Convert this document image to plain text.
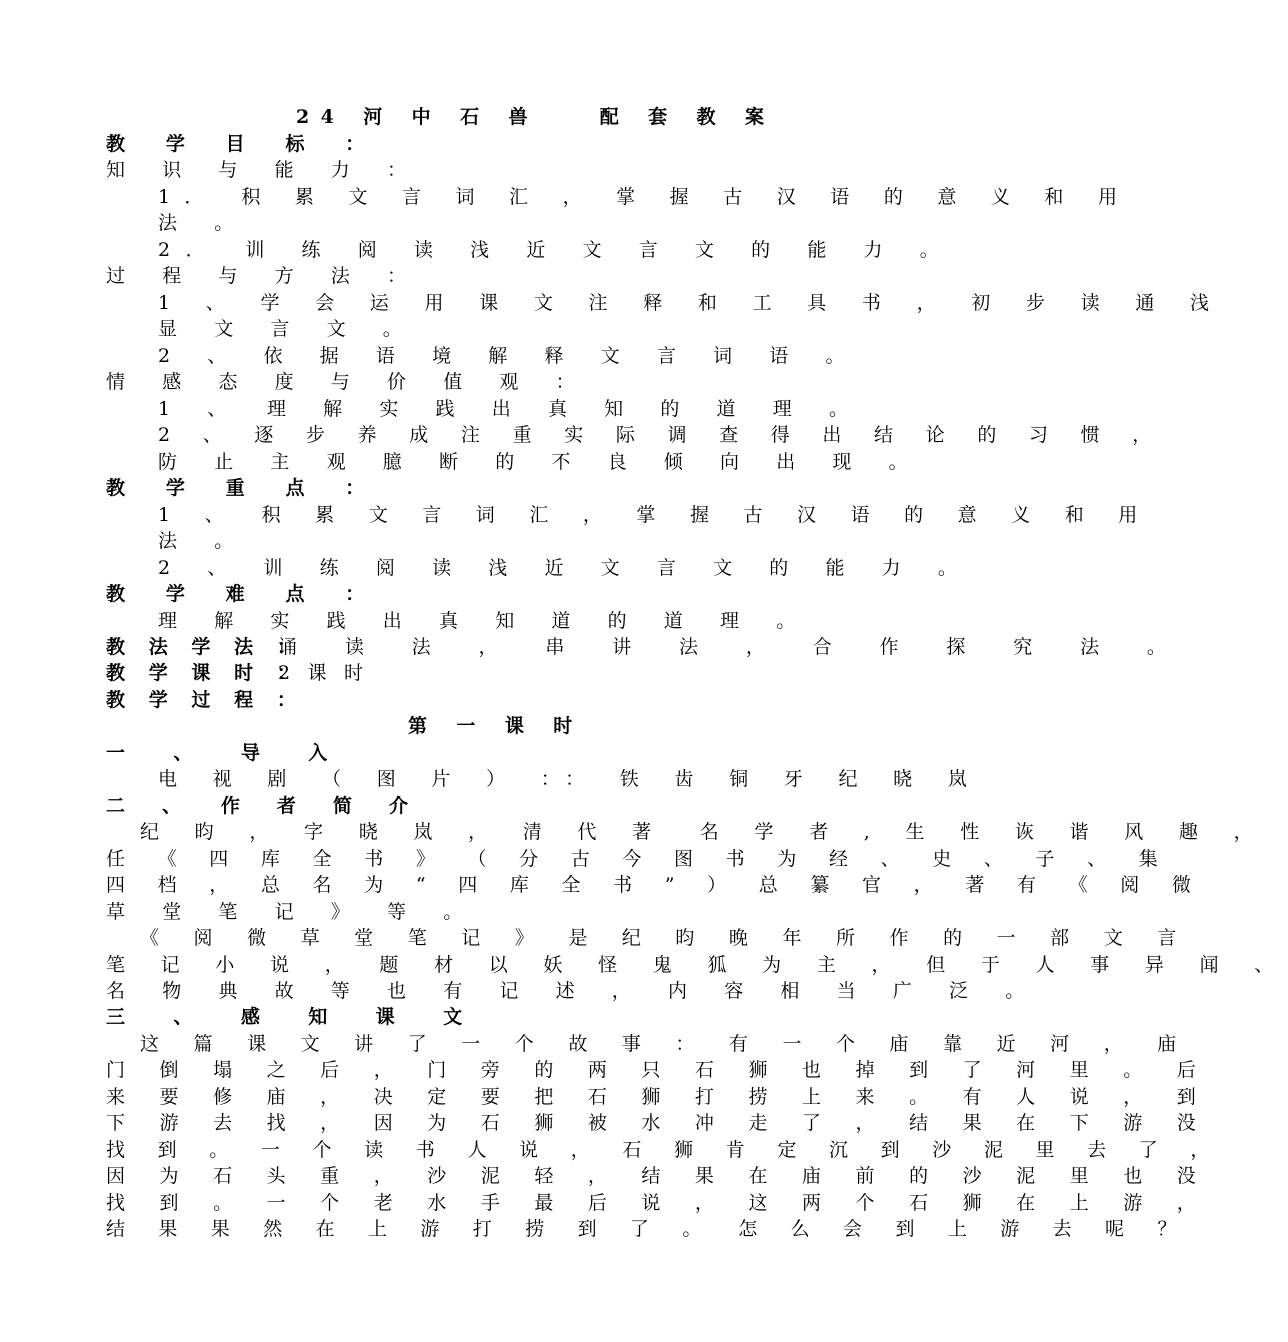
24 河 中 石 兽　　配 套 教 案
教 学 目 标 ：
知 识 与 能 力 ：
1．　积 累 文 言 词 汇 ， 掌 握 古 汉 语 的 意 义 和 用
法 。
2．　训 练 阅 读 浅 近 文 言 文 的 能 力 。
过 程 与 方 法 ：
1 、 学 会 运 用 课 文 注 释 和 工 具 书 ， 初 步 读 通 浅
显 文 言 文 。
2 、 依 据 语 境 解 释 文 言 词 语 。
情 感 态 度 与 价 值 观 ：
1 、　理 解 实 践 出 真 知 的 道 理 。
2 、 逐 步 养 成 注 重 实 际 调 查 得 出 结 论 的 习 惯 ，
防 止 主 观 臆 断 的 不 良 倾 向 出 现 。
教 学 重 点 ：
1 、　积 累 文 言 词 汇 ， 掌 握 古 汉 语 的 意 义 和 用
法 。
2 、 训 练 阅 读 浅 近 文 言 文 的 能 力 。
教 学 难 点 ：
理 解 实 践 出 真 知 道 的 道 理 。
教 法 学 法 ：
诵 读 法 ， 串 讲 法 ， 合 作 探 究 法 。
教 学 课 时 ：
2 课 时
教 学 过 程 ：
第 一 课 时
一 、 导 入
电 视 剧 （ 图 片 ） ：： 铁 齿 铜 牙 纪 晓 岚
二 、　作 者 简 介
纪 昀 ， 字 晓 岚 ， 清 代 著　名 学 者 , 生 性 诙 谐 风 趣 ，
任 《 四 库 全 书 》 （ 分 古 今 图 书 为 经 、 史 、 子 、 集
四 档 ， 总 名 为 “ 四 库 全 书 ” ） 总 纂 官 ， 著 有 《 阅 微
草 堂 笔 记 》 等 。
《 阅 微 草 堂 笔 记 》 是 纪 昀 晚 年 所 作 的 一 部 文 言
笔 记 小 说 ， 题 材 以 妖 怪 鬼 狐 为 主 ， 但 于 人 事 异 闻 、
名 物 典 故 等 也 有 记 述 ， 内 容 相 当 广 泛 。
三 、 感 知 课 文
这 篇 课 文 讲 了 一 个 故 事 ： 有 一 个 庙 靠 近 河 ， 庙
门 倒 塌 之 后 ， 门 旁 的 两 只 石 狮 也 掉 到 了 河 里 。 后
来 要 修 庙 ， 决 定 要 把 石 狮 打 捞 上 来 。 有 人 说 ， 到
下 游 去 找 ， 因 为 石 狮 被 水 冲 走 了 ， 结 果 在 下 游 没
找 到 。 一 个 读 书 人 说 ， 石 狮 肯 定 沉 到 沙 泥 里 去 了 ，
因 为 石 头 重 ， 沙 泥 轻 ， 结 果 在 庙 前 的 沙 泥 里 也 没
找 到 。 一 个 老 水 手 最 后 说 ， 这 两 个 石 狮 在 上 游 ，
结 果 果 然 在 上 游 打 捞 到 了 。　怎 么 会 到 上 游 去 呢 ？
